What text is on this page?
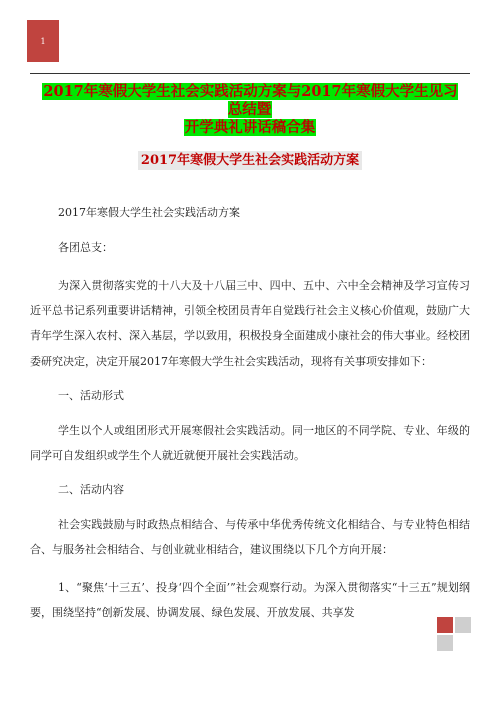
1
2017年寒假大学生社会实践活动方案与2017年寒假大学生见习总结暨
开学典礼讲话稿合集
2017年寒假大学生社会实践活动方案

2017年寒假大学生社会实践活动方案

各团总支：

为深入贯彻落实党的十八大及十八届三中、四中、五中、六中全会精神及学习宣传习近平总书记系列重要讲话精神，引领全校团员青年自觉践行社会主义核心价值观，鼓励广大青年学生深入农村、深入基层，学以致用，积极投身全面建成小康社会的伟大事业。经校团委研究决定，决定开展2017年寒假大学生社会实践活动，现将有关事项安排如下：

一、活动形式

学生以个人或组团形式开展寒假社会实践活动。同一地区的不同学院、专业、年级的同学可自发组织或学生个人就近就便开展社会实践活动。

二、活动内容

社会实践鼓励与时政热点相结合、与传承中华优秀传统文化相结合、与专业特色相结合、与服务社会相结合、与创业就业相结合，建议围绕以下几个方向开展：

1、“聚焦‘十三五’、投身‘四个全面’”社会观察行动。为深入贯彻落实“十三五”规划纲要，围绕坚持“创新发展、协调发展、绿色发展、开放发展、共享发
